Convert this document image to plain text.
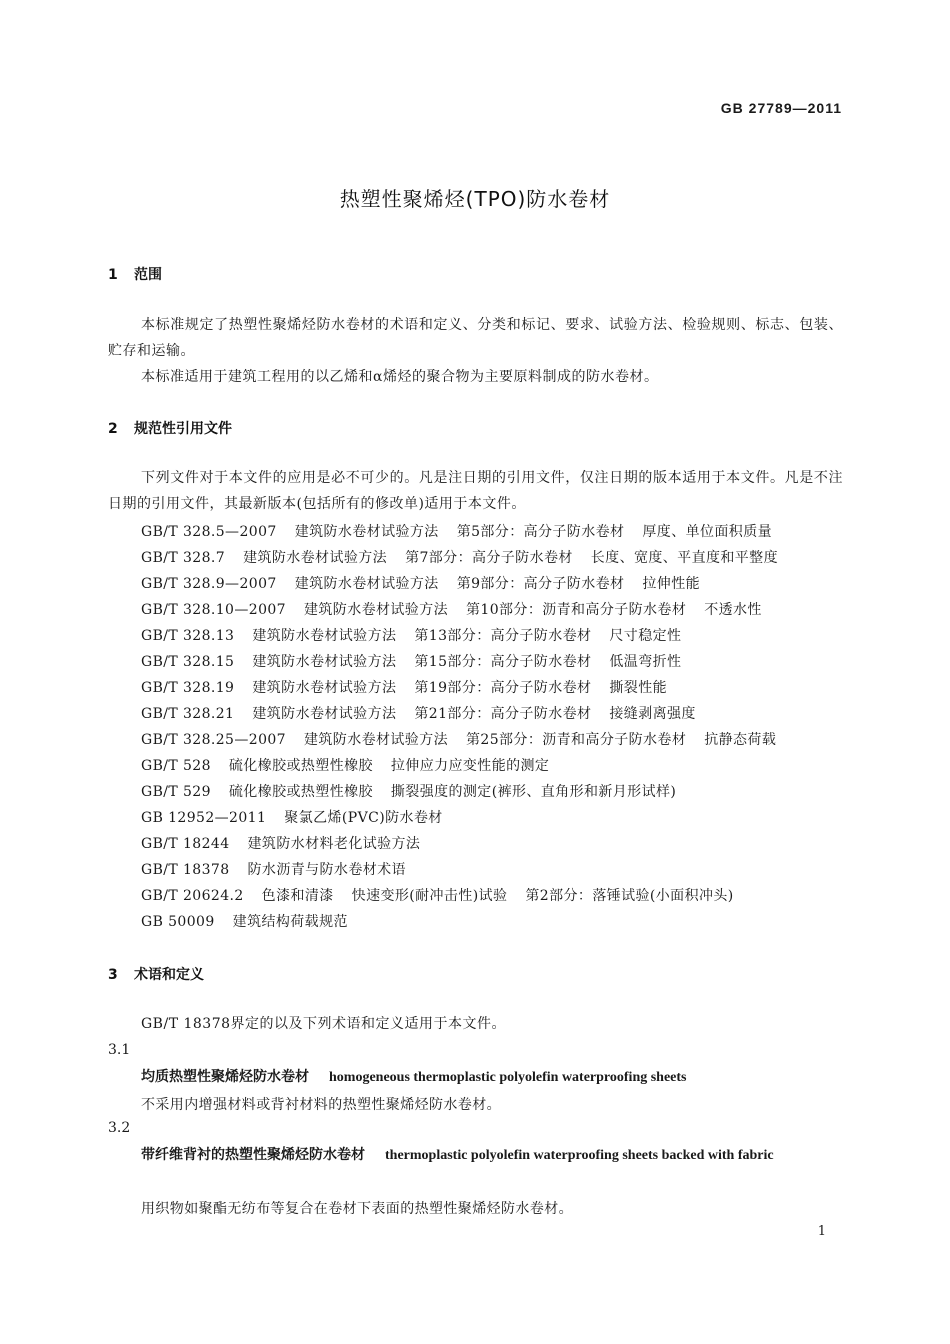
GB 27789—2011
热塑性聚烯烃(TPO)防水卷材
1 范围
本标准规定了热塑性聚烯烃防水卷材的术语和定义、分类和标记、要求、试验方法、检验规则、标志、包装、贮存和运输。
本标准适用于建筑工程用的以乙烯和α烯烃的聚合物为主要原料制成的防水卷材。
2 规范性引用文件
下列文件对于本文件的应用是必不可少的。凡是注日期的引用文件，仅注日期的版本适用于本文件。凡是不注日期的引用文件，其最新版本(包括所有的修改单)适用于本文件。
GB/T 328.5—2007 建筑防水卷材试验方法 第5部分：高分子防水卷材 厚度、单位面积质量
GB/T 328.7 建筑防水卷材试验方法 第7部分：高分子防水卷材 长度、宽度、平直度和平整度
GB/T 328.9—2007 建筑防水卷材试验方法 第9部分：高分子防水卷材 拉伸性能
GB/T 328.10—2007 建筑防水卷材试验方法 第10部分：沥青和高分子防水卷材 不透水性
GB/T 328.13 建筑防水卷材试验方法 第13部分：高分子防水卷材 尺寸稳定性
GB/T 328.15 建筑防水卷材试验方法 第15部分：高分子防水卷材 低温弯折性
GB/T 328.19 建筑防水卷材试验方法 第19部分：高分子防水卷材 撕裂性能
GB/T 328.21 建筑防水卷材试验方法 第21部分：高分子防水卷材 接缝剥离强度
GB/T 328.25—2007 建筑防水卷材试验方法 第25部分：沥青和高分子防水卷材 抗静态荷载
GB/T 528 硫化橡胶或热塑性橡胶 拉伸应力应变性能的测定
GB/T 529 硫化橡胶或热塑性橡胶 撕裂强度的测定(裤形、直角形和新月形试样)
GB 12952—2011 聚氯乙烯(PVC)防水卷材
GB/T 18244 建筑防水材料老化试验方法
GB/T 18378 防水沥青与防水卷材术语
GB/T 20624.2 色漆和清漆 快速变形(耐冲击性)试验 第2部分：落锤试验(小面积冲头)
GB 50009 建筑结构荷载规范
3 术语和定义
GB/T 18378界定的以及下列术语和定义适用于本文件。
3.1
均质热塑性聚烯烃防水卷材 homogeneous thermoplastic polyolefin waterproofing sheets
不采用内增强材料或背衬材料的热塑性聚烯烃防水卷材。
3.2
带纤维背衬的热塑性聚烯烃防水卷材 thermoplastic polyolefin waterproofing sheets backed with fabric
用织物如聚酯无纺布等复合在卷材下表面的热塑性聚烯烃防水卷材。
1
